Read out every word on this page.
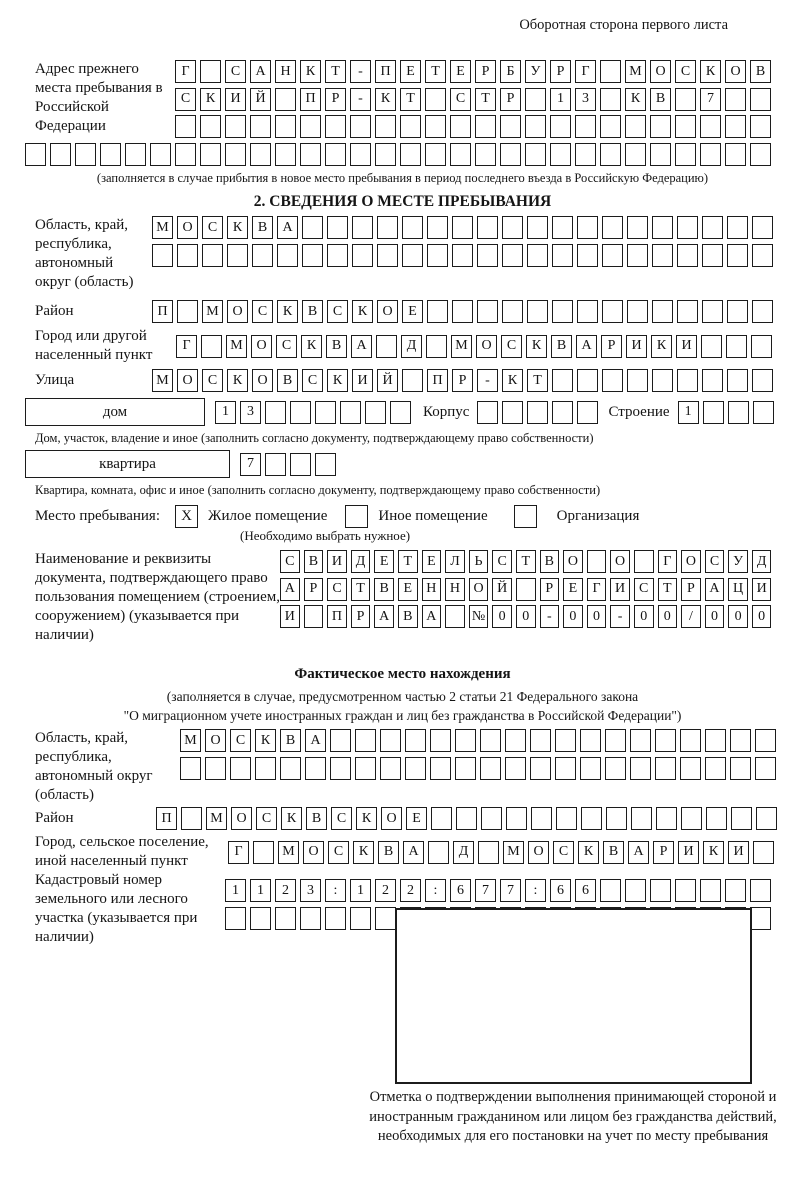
Оборотная сторона первого листа
Адрес прежнего места пребывания в Российской Федерации
Г	С	А	Н	К	Т	-	П	Е	Т	Е	Р	Б	У	Р	Г	М О	С	К	О	В
С	К	И	Й	П	Р	-	К	Т	С	Т	Р	1	3	К	В	7
(заполняется в случае прибытия в новое место пребывания в период последнего въезда в Российскую Федерацию)
2. СВЕДЕНИЯ О МЕСТЕ ПРЕБЫВАНИЯ
Область, край, республика, автономный округ (область)
М О	С	К	В	А
Район	П	М О	С	К	В	С	К	О	Е
Город или другой населенный пункт
Г	М О	С	К	В	А	Д	М О	С	К	В	А	Р	И	К	И
Улица	М О	С	К	О	В	С	К	И	Й	П	Р	-	К	Т
дом	1	3	Корпус	Строение	1
Дом, участок, владение и иное (заполнить согласно документу, подтверждающему право собственности)
квартира	7
Квартира, комната, офис и иное (заполнить согласно документу, подтверждающему право собственности)
Место пребывания:	X	Жилое помещение	Иное помещение	Организация
(Необходимо выбрать нужное)
Наименование и реквизиты документа, подтверждающего право пользования помещением (строением, сооружением) (указывается при наличии)
С	В И Д	Е	Т	Е	Л	Ь	С	Т	В О	О	Г	О С У Д
А	Р	С	Т	В	Е	Н Н О Й	Р	Е	Г	И С	Т	Р	А Ц И
И	П	Р	А В А	№ 0	0	-	0	0	-	0	0	/	0	0	0
Фактическое место нахождения
(заполняется в случае, предусмотренном частью 2 статьи 21 Федерального закона
"О миграционном учете иностранных граждан и лиц без гражданства в Российской Федерации")
Область, край, республика, автономный округ (область)
М О	С	К	В	А
Район	П	М О	С	К	В	С	К	О	Е
Город, сельское поселение, иной населенный пункт
Г	М О	С	К	В	А	Д	М О	С	К	В	А	Р	И	К	И
Кадастровый номер земельного или лесного участка (указывается при наличии)
1	1	2	3	:	1	2	2	:	6	7	7	:	6	6
Отметка о подтверждении выполнения принимающей стороной и иностранным гражданином или лицом без гражданства действий, необходимых для его постановки на учет по месту пребывания
